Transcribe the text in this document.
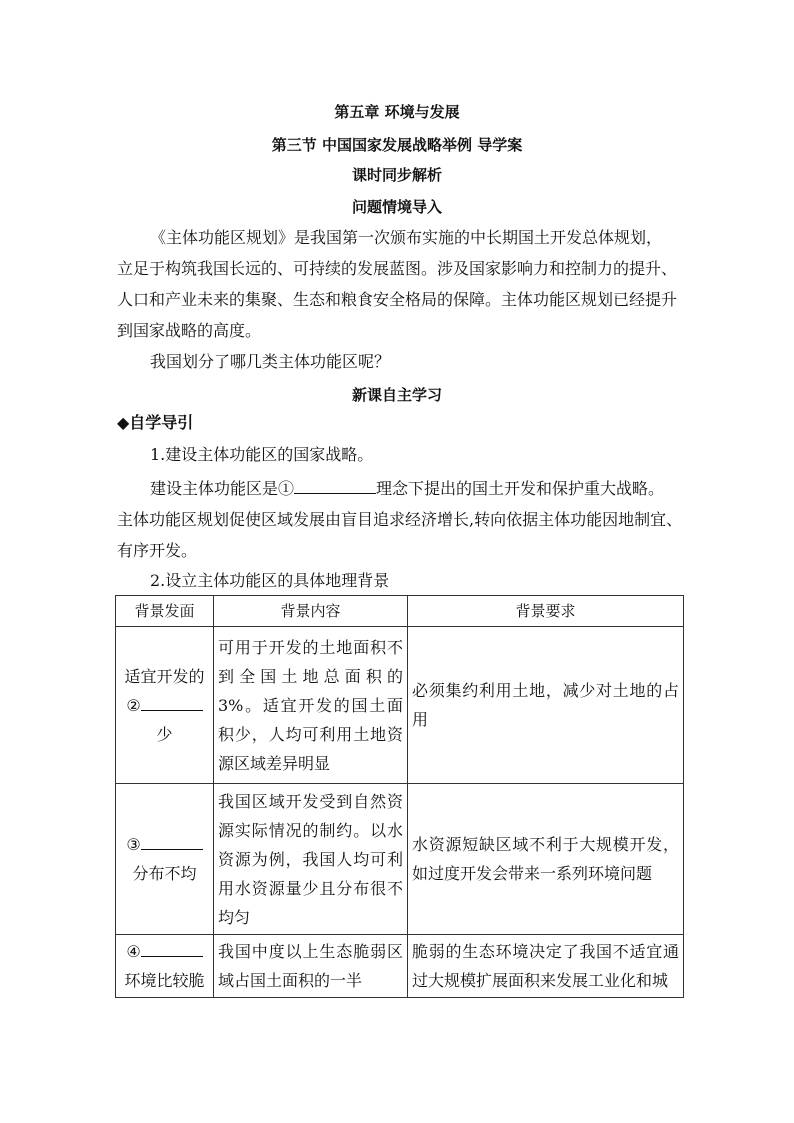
第五章 环境与发展
第三节 中国国家发展战略举例 导学案
课时同步解析
问题情境导入
《主体功能区规划》是我国第一次颁布实施的中长期国土开发总体规划，
立足于构筑我国长远的、可持续的发展蓝图。涉及国家影响力和控制力的提升、
人口和产业未来的集聚、生态和粮食安全格局的保障。主体功能区规划已经提升
到国家战略的高度。
我国划分了哪几类主体功能区呢？
新课自主学习
◆自学导引
1.建设主体功能区的国家战略。
建设主体功能区是①	理念下提出的国土开发和保护重大战略。
主体功能区规划促使区域发展由盲目追求经济增长,转向依据主体功能因地制宜、
有序开发。
2.设立主体功能区的具体地理背景
背景发面	背景内容	背景要求

适宜开发的
②
少	可用于开发的土地面积不到全国土地总面积的3%。适宜开发的国土面积少，人均可利用土地资源区域差异明显	必须集约利用土地，减少对土地的占用

③
分布不均	我国区域开发受到自然资源实际情况的制约。以水资源为例，我国人均可利用水资源量少且分布很不均匀	水资源短缺区域不利于大规模开发，如过度开发会带来一系列环境问题

④
环境比较脆	我国中度以上生态脆弱区域占国土面积的一半	脆弱的生态环境决定了我国不适宜通过大规模扩展面积来发展工业化和城
